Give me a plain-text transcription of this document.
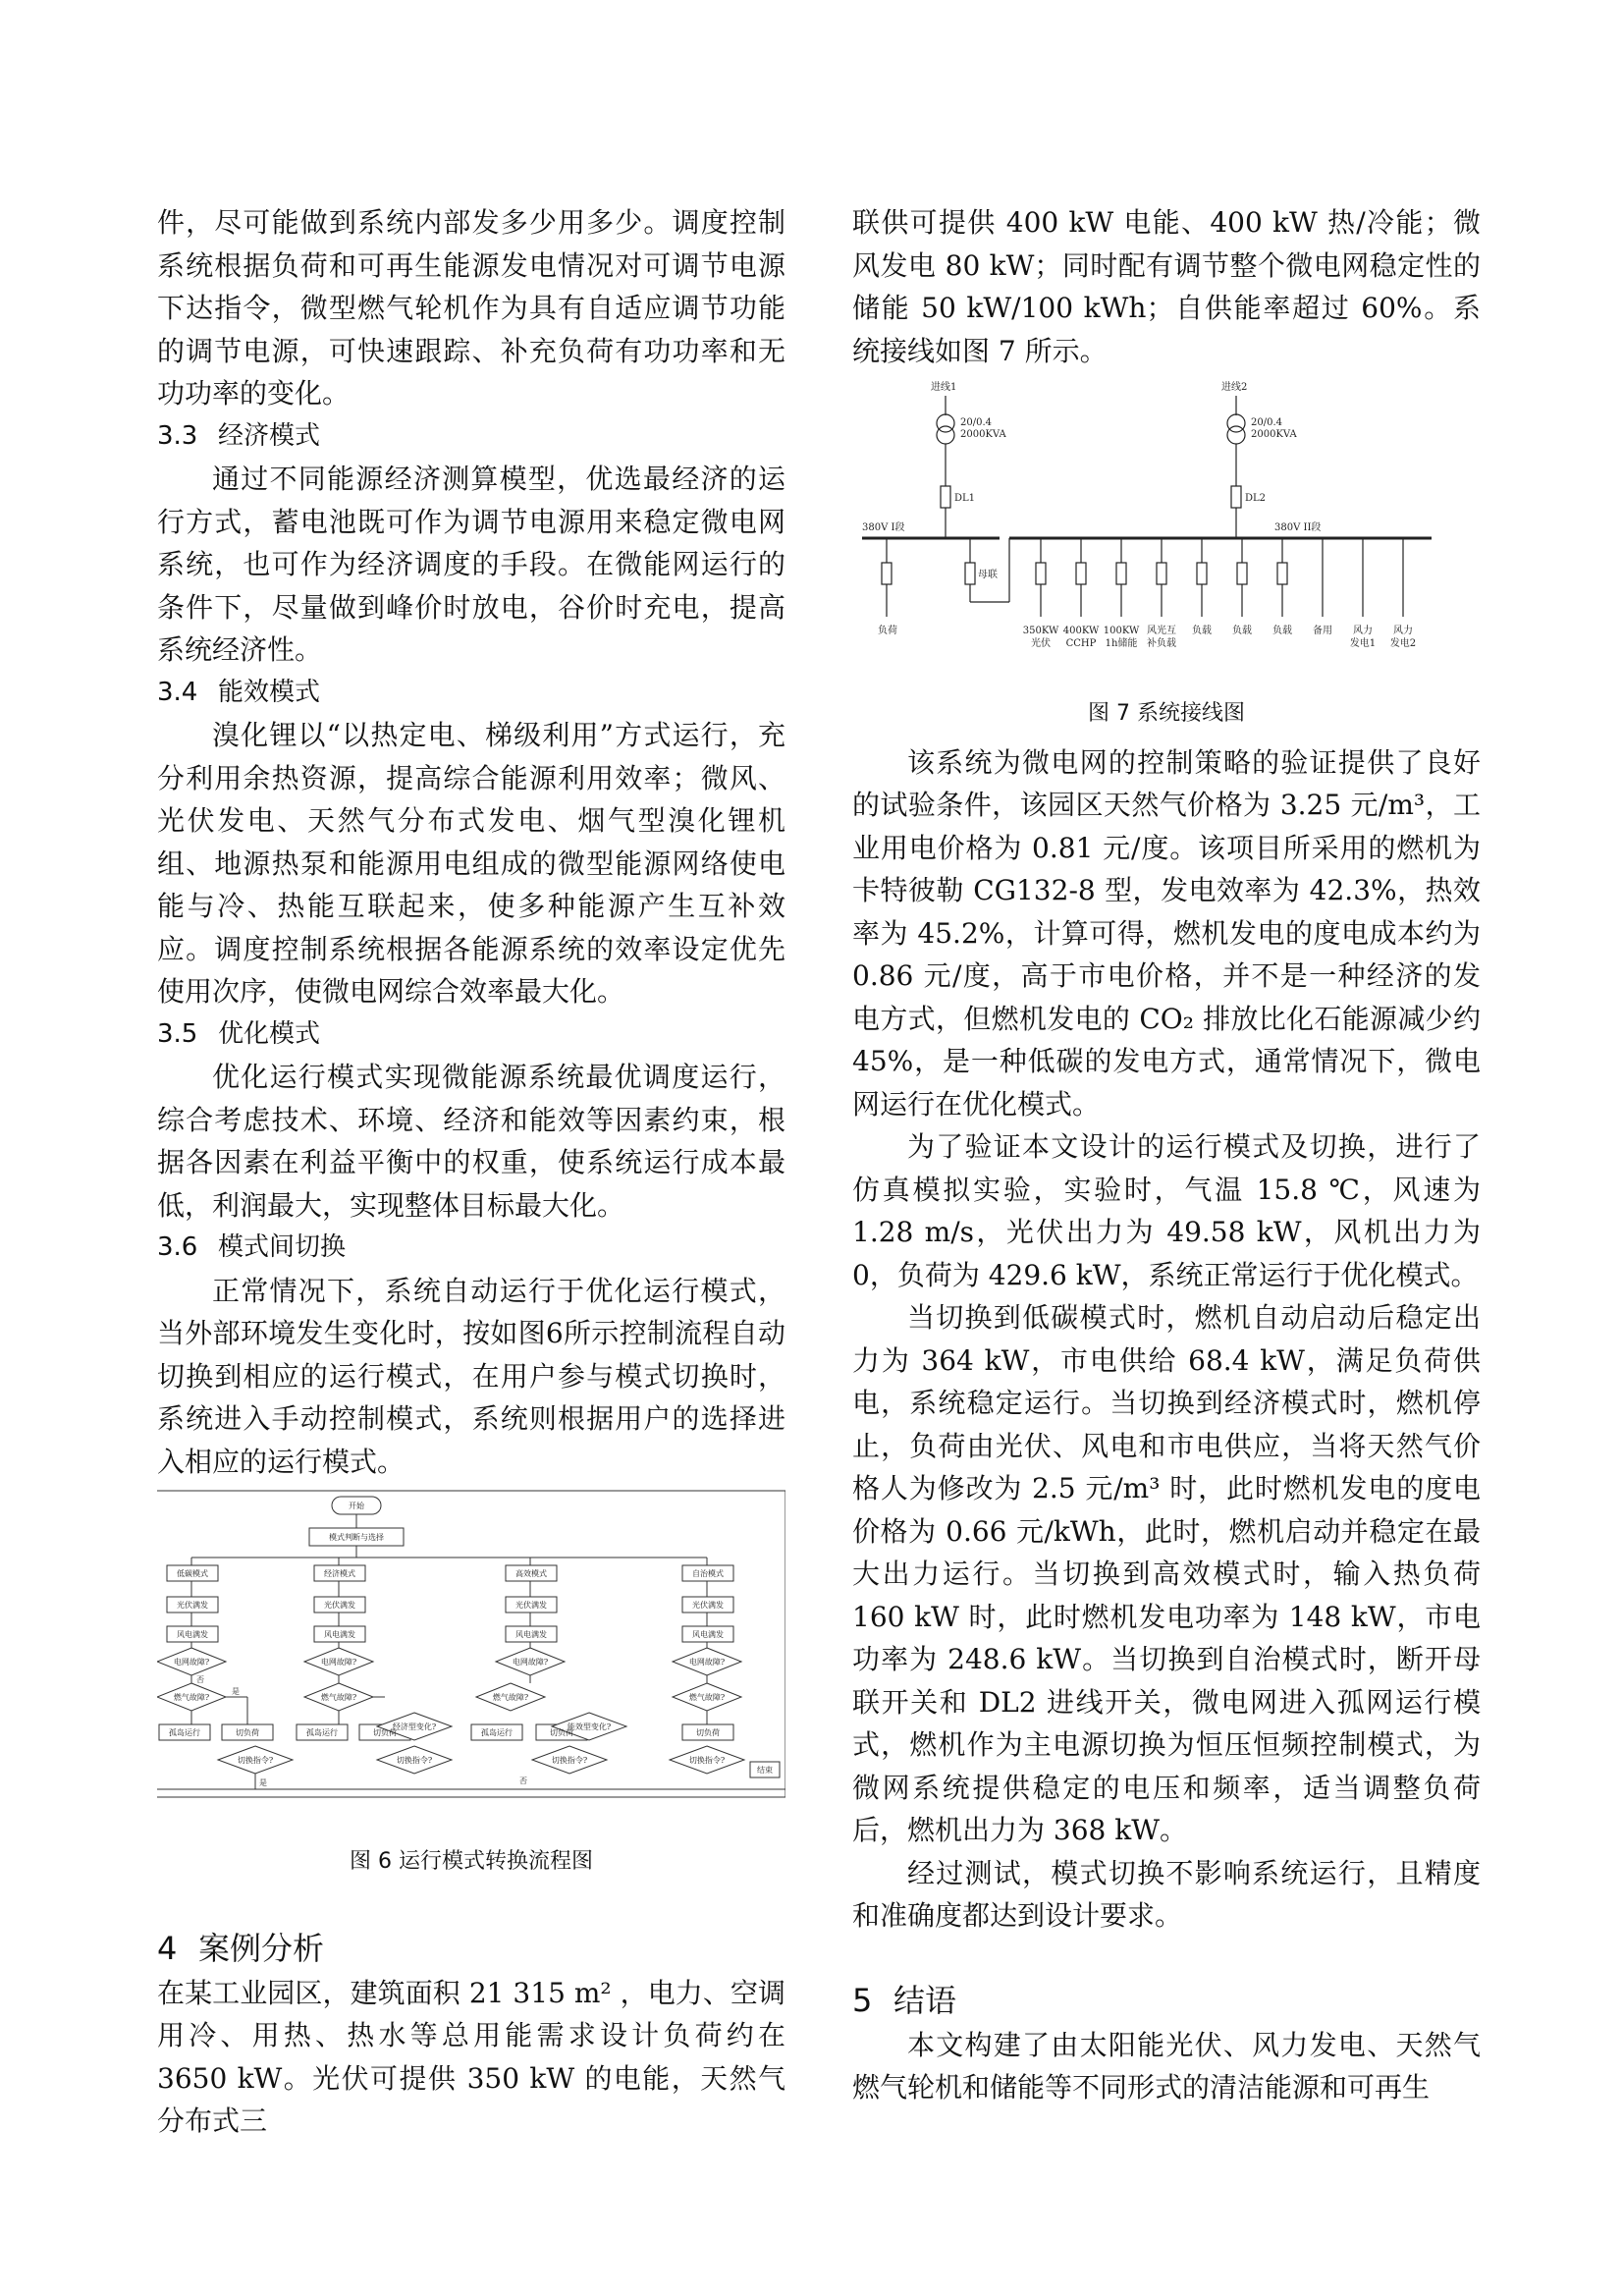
件，尽可能做到系统内部发多少用多少。调度控制系统根据负荷和可再生能源发电情况对可调节电源下达指令，微型燃气轮机作为具有自适应调节功能的调节电源，可快速跟踪、补充负荷有功功率和无功功率的变化。

3.3 经济模式

通过不同能源经济测算模型，优选最经济的运行方式，蓄电池既可作为调节电源用来稳定微电网系统，也可作为经济调度的手段。在微能网运行的条件下，尽量做到峰价时放电，谷价时充电，提高系统经济性。

3.4 能效模式

溴化锂以“以热定电、梯级利用”方式运行，充分利用余热资源，提高综合能源利用效率；微风、光伏发电、天然气分布式发电、烟气型溴化锂机组、地源热泵和能源用电组成的微型能源网络使电能与冷、热能互联起来，使多种能源产生互补效应。调度控制系统根据各能源系统的效率设定优先使用次序，使微电网综合效率最大化。

3.5 优化模式

优化运行模式实现微能源系统最优调度运行，综合考虑技术、环境、经济和能效等因素约束，根据各因素在利益平衡中的权重，使系统运行成本最低，利润最大，实现整体目标最大化。

3.6 模式间切换

正常情况下，系统自动运行于优化运行模式，当外部环境发生变化时，按如图6所示控制流程自动切换到相应的运行模式，在用户参与模式切换时，系统进入手动控制模式，系统则根据用户的选择进入相应的运行模式。

开始
模式判断与选择
低碳模式	经济模式	高效模式	自治模式
光伏满发	光伏满发	光伏满发	光伏满发
风电满发	风电满发	风电满发	风电满发
电网故障?	电网故障?	电网故障?	电网故障?
燃气故障?	燃气故障?	燃气故障?	燃气故障?
孤岛运行	切负荷	孤岛运行	切负荷
经济型变化?
切换指令?
孤岛运行	切负荷
能效型变化?
切换指令?
切负荷
切换指令?
结束
切换指令?
否
是
是	否

图 6 运行模式转换流程图

4 案例分析

在某工业园区，建筑面积 21 315 m² ，电力、空调用冷、用热、热水等总用能需求设计负荷约在 3650 kW。光伏可提供 350 kW 的电能，天然气分布式三

联供可提供 400 kW 电能、400 kW 热/冷能；微风发电 80 kW；同时配有调节整个微电网稳定性的储能 50 kW/100 kWh；自供能率超过 60%。系统接线如图 7 所示。

进线1	进线2
20/0.4
2000KVA
20/0.4
2000KVA
DL1	DL2
380V I段	380V II段
母联
负荷	350KW
光伏
400KW
CCHP
100KW
1h储能
风光互
补负载
负载 负载 负载 备用 风力
发电1
风力
发电2

图 7 系统接线图

该系统为微电网的控制策略的验证提供了良好的试验条件，该园区天然气价格为 3.25 元/m³，工业用电价格为 0.81 元/度。该项目所采用的燃机为卡特彼勒 CG132-8 型，发电效率为 42.3%，热效率为 45.2%，计算可得，燃机发电的度电成本约为 0.86 元/度，高于市电价格，并不是一种经济的发电方式，但燃机发电的 CO₂ 排放比化石能源减少约 45%，是一种低碳的发电方式，通常情况下，微电网运行在优化模式。

为了验证本文设计的运行模式及切换，进行了仿真模拟实验，实验时，气温 15.8 ℃，风速为 1.28 m/s，光伏出力为 49.58 kW，风机出力为 0，负荷为 429.6 kW，系统正常运行于优化模式。

当切换到低碳模式时，燃机自动启动后稳定出力为 364 kW，市电供给 68.4 kW，满足负荷供电，系统稳定运行。当切换到经济模式时，燃机停止，负荷由光伏、风电和市电供应，当将天然气价格人为修改为 2.5 元/m³ 时，此时燃机发电的度电价格为 0.66 元/kWh，此时，燃机启动并稳定在最大出力运行。当切换到高效模式时，输入热负荷 160 kW 时，此时燃机发电功率为 148 kW，市电功率为 248.6 kW。当切换到自治模式时，断开母联开关和 DL2 进线开关，微电网进入孤网运行模式，燃机作为主电源切换为恒压恒频控制模式，为微网系统提供稳定的电压和频率，适当调整负荷后，燃机出力为 368 kW。

经过测试，模式切换不影响系统运行，且精度和准确度都达到设计要求。

5 结语

本文构建了由太阳能光伏、风力发电、天然气燃气轮机和储能等不同形式的清洁能源和可再生
